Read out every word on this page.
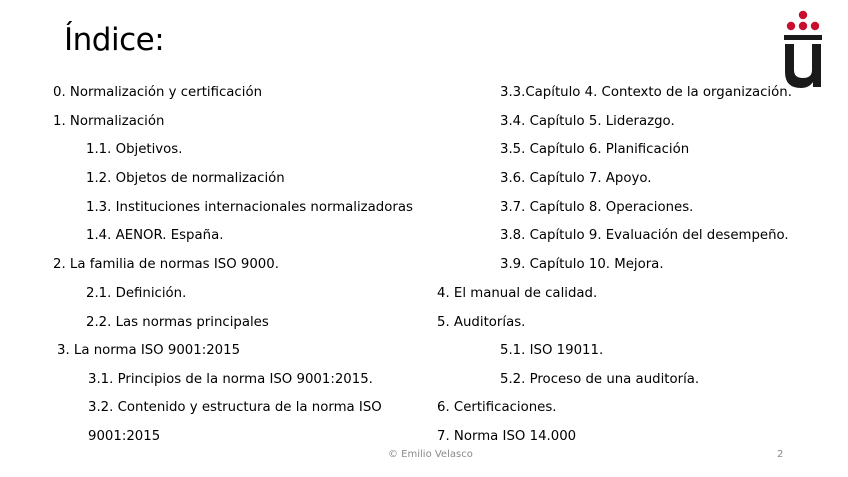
Índice:
0. Normalización y certificación
1. Normalización
1.1. Objetivos.
1.2. Objetos de normalización
1.3. Instituciones internacionales normalizadoras
1.4. AENOR. España.
2. La familia de normas ISO 9000.
2.1. Definición.
2.2. Las normas principales
3. La norma ISO 9001:2015
3.1. Principios de la norma ISO 9001:2015.
3.2. Contenido y estructura de la norma ISO
9001:2015
3.3.Capítulo 4. Contexto de la organización.
3.4. Capítulo 5. Liderazgo.
3.5. Capítulo 6. Planificación
3.6. Capítulo 7. Apoyo.
3.7. Capítulo 8. Operaciones.
3.8. Capítulo 9. Evaluación del desempeño.
3.9. Capítulo 10. Mejora.
4. El manual de calidad.
5. Auditorías.
5.1. ISO 19011.
5.2. Proceso de una auditoría.
6. Certificaciones.
7. Norma ISO 14.000
© Emilio Velasco	2
